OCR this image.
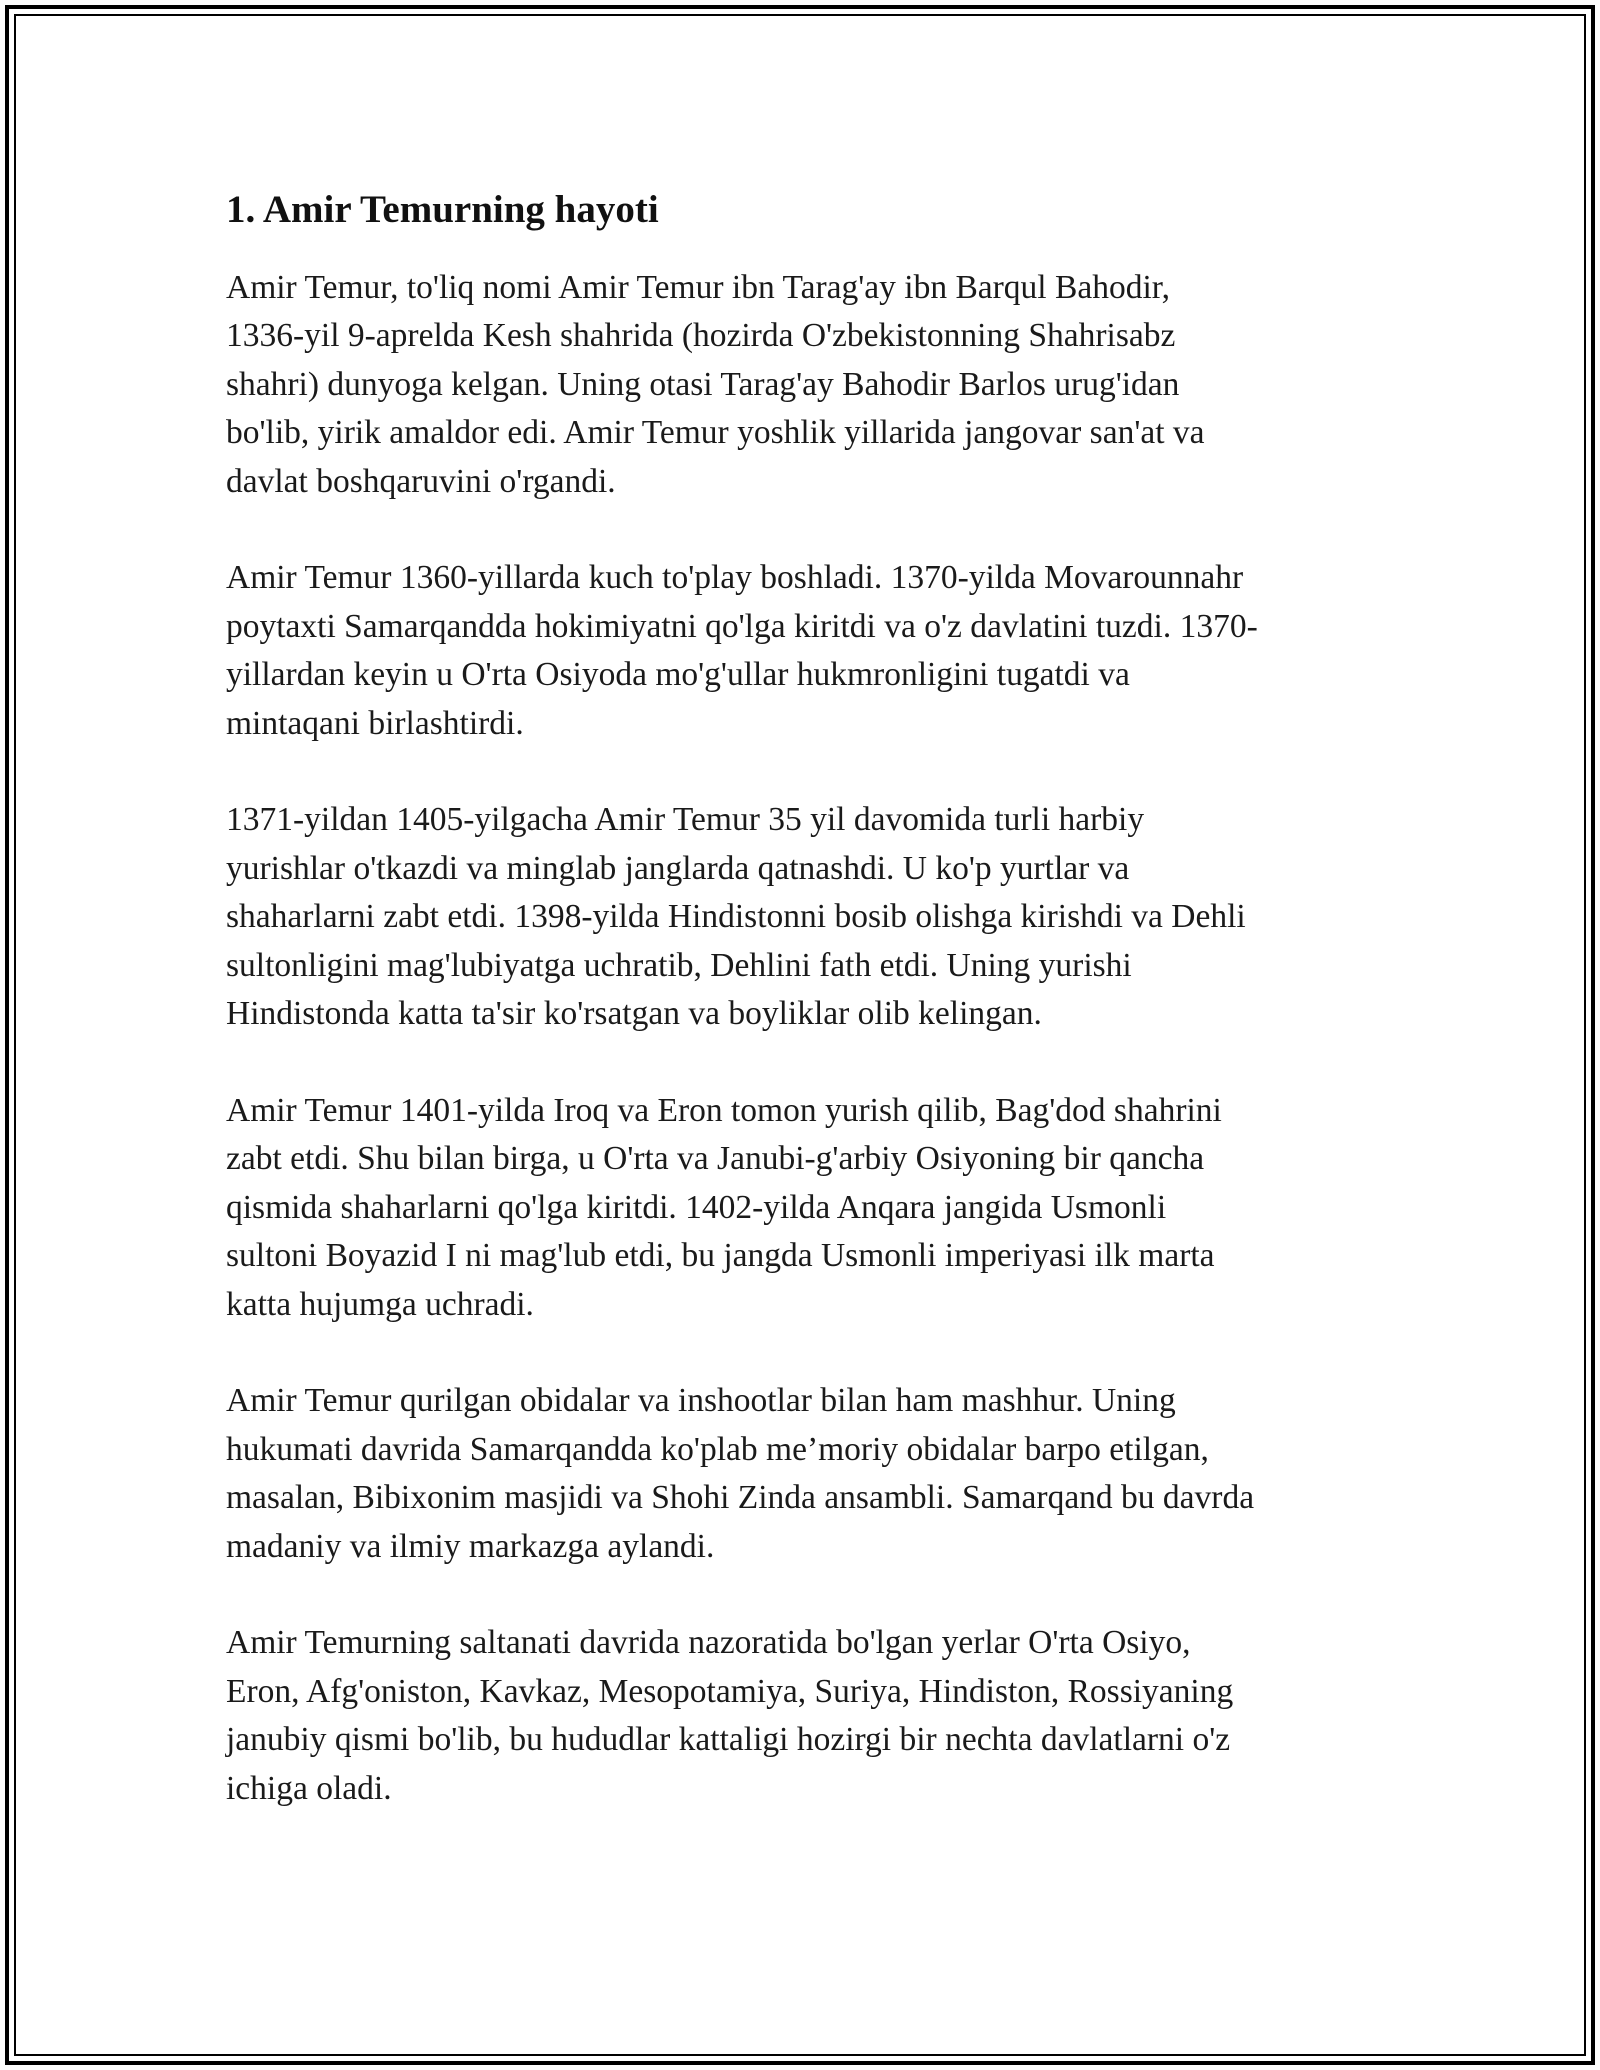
1. Amir Temurning hayoti

Amir Temur, to'liq nomi Amir Temur ibn Tarag'ay ibn Barqul Bahodir,
1336-yil 9-aprelda Kesh shahrida (hozirda O'zbekistonning Shahrisabz
shahri) dunyoga kelgan. Uning otasi Tarag'ay Bahodir Barlos urug'idan
bo'lib, yirik amaldor edi. Amir Temur yoshlik yillarida jangovar san'at va
davlat boshqaruvini o'rgandi.

Amir Temur 1360-yillarda kuch to'play boshladi. 1370-yilda Movarounnahr
poytaxti Samarqandda hokimiyatni qo'lga kiritdi va o'z davlatini tuzdi. 1370-
yillardan keyin u O'rta Osiyoda mo'g'ullar hukmronligini tugatdi va
mintaqani birlashtirdi.

1371-yildan 1405-yilgacha Amir Temur 35 yil davomida turli harbiy
yurishlar o'tkazdi va minglab janglarda qatnashdi. U ko'p yurtlar va
shaharlarni zabt etdi. 1398-yilda Hindistonni bosib olishga kirishdi va Dehli
sultonligini mag'lubiyatga uchratib, Dehlini fath etdi. Uning yurishi
Hindistonda katta ta'sir ko'rsatgan va boyliklar olib kelingan.

Amir Temur 1401-yilda Iroq va Eron tomon yurish qilib, Bag'dod shahrini
zabt etdi. Shu bilan birga, u O'rta va Janubi-g'arbiy Osiyoning bir qancha
qismida shaharlarni qo'lga kiritdi. 1402-yilda Anqara jangida Usmonli
sultoni Boyazid I ni mag'lub etdi, bu jangda Usmonli imperiyasi ilk marta
katta hujumga uchradi.

Amir Temur qurilgan obidalar va inshootlar bilan ham mashhur. Uning
hukumati davrida Samarqandda ko'plab me’moriy obidalar barpo etilgan,
masalan, Bibixonim masjidi va Shohi Zinda ansambli. Samarqand bu davrda
madaniy va ilmiy markazga aylandi.

Amir Temurning saltanati davrida nazoratida bo'lgan yerlar O'rta Osiyo,
Eron, Afg'oniston, Kavkaz, Mesopotamiya, Suriya, Hindiston, Rossiyaning
janubiy qismi bo'lib, bu hududlar kattaligi hozirgi bir nechta davlatlarni o'z
ichiga oladi.
